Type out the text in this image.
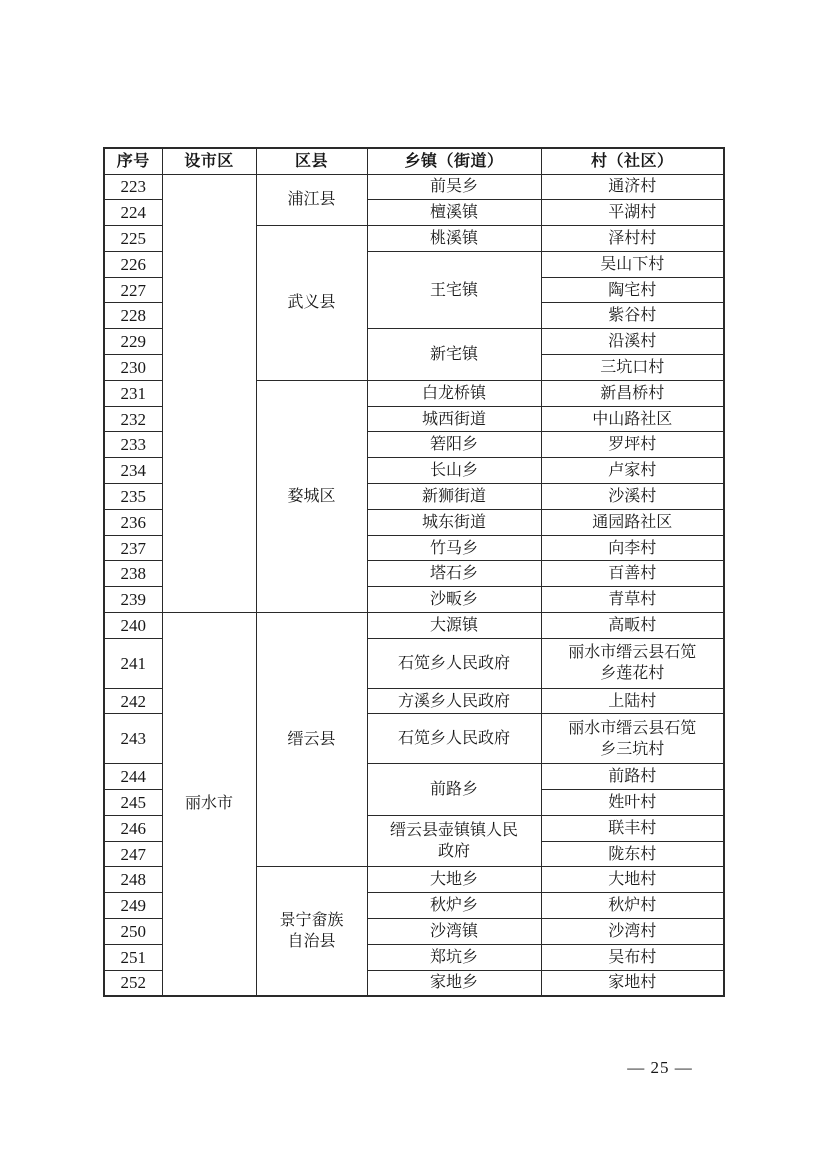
序号	设市区	区县	乡镇（街道）	村（社区）
223		浦江县	前吴乡	通济村
224			檀溪镇	平湖村
225		武义县	桃溪镇	泽村村
226			王宅镇	吴山下村
227				陶宅村
228				紫谷村
229			新宅镇	沿溪村
230				三坑口村
231		婺城区	白龙桥镇	新昌桥村
232			城西街道	中山路社区
233			箬阳乡	罗坪村
234			长山乡	卢家村
235			新狮街道	沙溪村
236			城东街道	通园路社区
237			竹马乡	向李村
238			塔石乡	百善村
239			沙畈乡	青草村
240	丽水市	缙云县	大源镇	高畈村
241			石笕乡人民政府	丽水市缙云县石笕
乡莲花村
242			方溪乡人民政府	上陆村
243			石笕乡人民政府	丽水市缙云县石笕
乡三坑村
244			前路乡	前路村
245				姓叶村
246			缙云县壶镇镇人民
政府	联丰村
247				陇东村
248		景宁畲族
自治县	大地乡	大地村
249			秋炉乡	秋炉村
250			沙湾镇	沙湾村
251			郑坑乡	吴布村
252			家地乡	家地村
— 25 —
